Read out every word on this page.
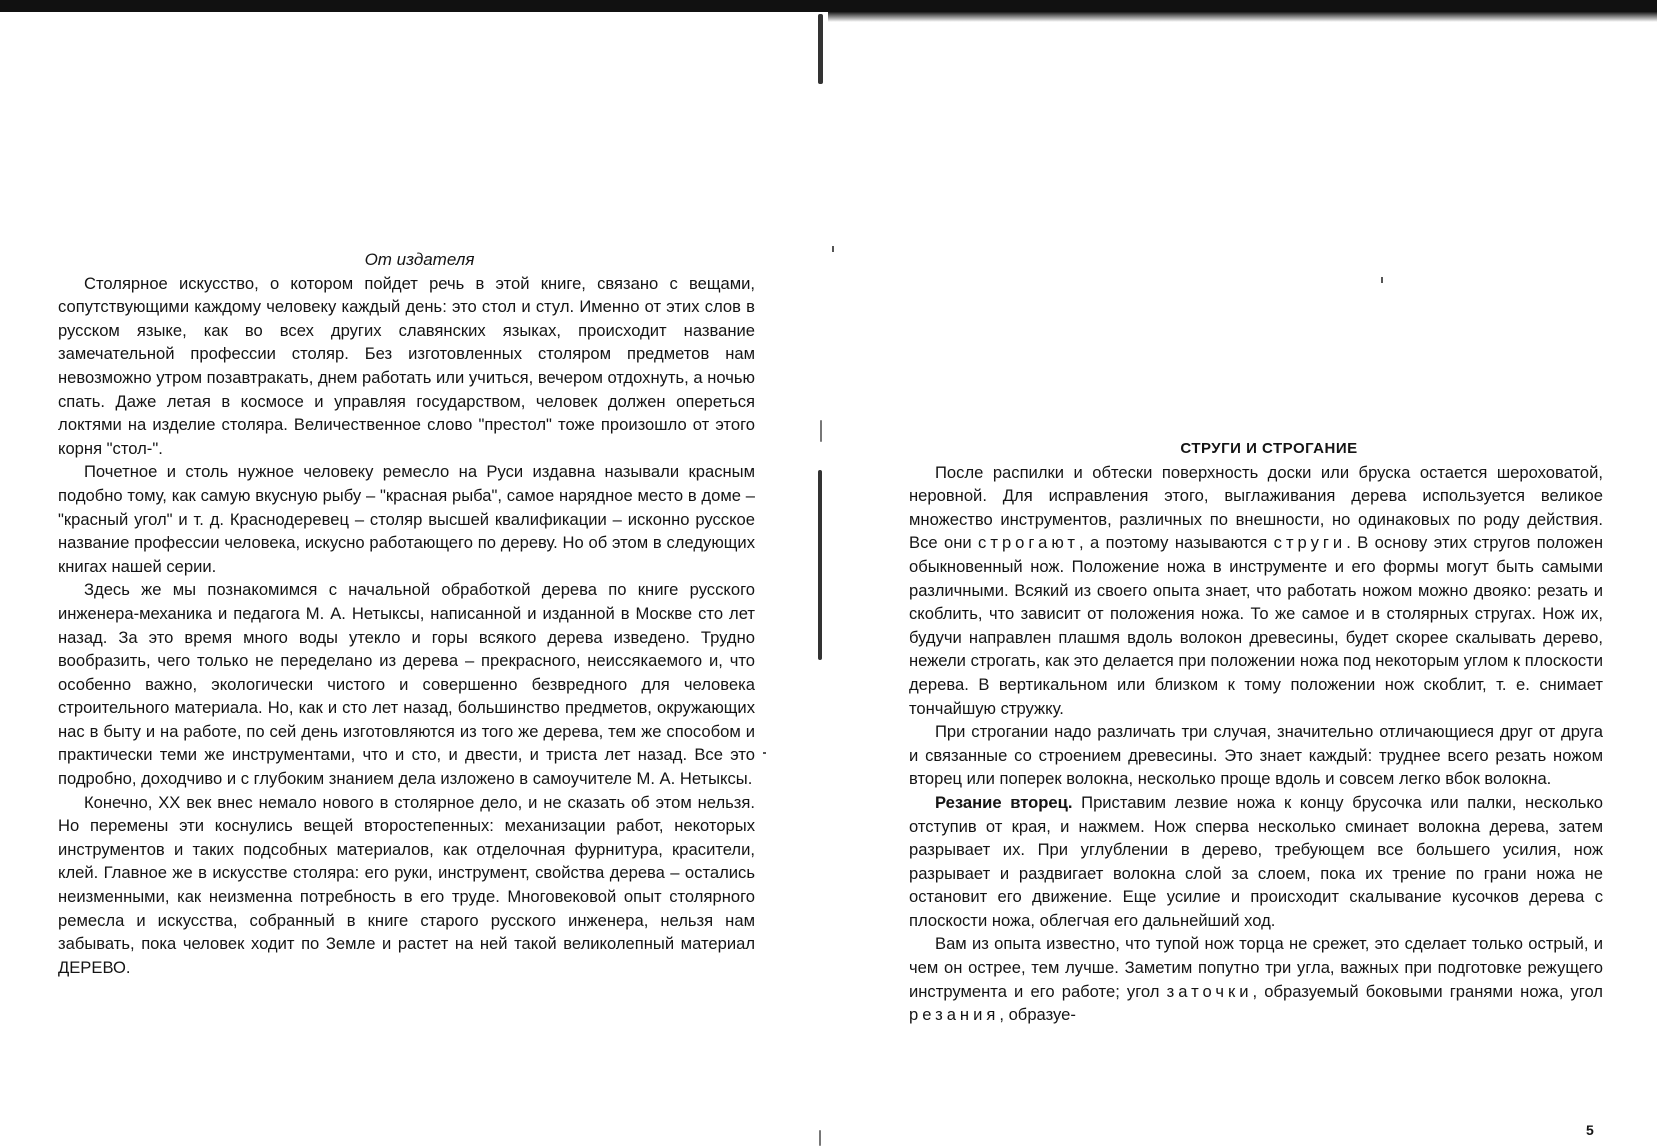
От издателя

Столярное искусство, о котором пойдет речь в этой книге, связано с вещами, сопутствующими каждому человеку каждый день: это стол и стул. Именно от этих слов в русском языке, как во всех других славянских языках, происходит название замечательной профессии столяр. Без изготовленных столяром предметов нам невозможно утром позавтракать, днем работать или учиться, вечером отдохнуть, а ночью спать. Даже летая в космосе и управляя государством, человек должен опереться локтями на изделие столяра. Величественное слово "престол" тоже произошло от этого корня "стол-".

Почетное и столь нужное человеку ремесло на Руси издавна называли красным подобно тому, как самую вкусную рыбу – "красная рыба", самое нарядное место в доме – "красный угол" и т. д. Краснодеревец – столяр высшей квалификации – исконно русское название профессии человека, искусно работающего по дереву. Но об этом в следующих книгах нашей серии.

Здесь же мы познакомимся с начальной обработкой дерева по книге русского инженера-механика и педагога М. А. Нетыксы, написанной и изданной в Москве сто лет назад. За это время много воды утекло и горы всякого дерева изведено. Трудно вообразить, чего только не переделано из дерева – прекрасного, неиссякаемого и, что особенно важно, экологически чистого и совершенно безвредного для человека строительного материала. Но, как и сто лет назад, большинство предметов, окружающих нас в быту и на работе, по сей день изготовляются из того же дерева, тем же способом и практически теми же инструментами, что и сто, и двести, и триста лет назад. Все это подробно, доходчиво и с глубоким знанием дела изложено в самоучителе М. А. Нетыксы.

Конечно, XX век внес немало нового в столярное дело, и не сказать об этом нельзя. Но перемены эти коснулись вещей второстепенных: механизации работ, некоторых инструментов и таких подсобных материалов, как отделочная фурнитура, красители, клей. Главное же в искусстве столяра: его руки, инструмент, свойства дерева – остались неизменными, как неизменна потребность в его труде. Многовековой опыт столярного ремесла и искусства, собранный в книге старого русского инженера, нельзя нам забывать, пока человек ходит по Земле и растет на ней такой великолепный материал ДЕРЕВО.

СТРУГИ И СТРОГАНИЕ

После распилки и обтески поверхность доски или бруска остается шероховатой, неровной. Для исправления этого, выглаживания дерева используется великое множество инструментов, различных по внешности, но одинаковых по роду действия. Все они строгают, а поэтому называются струги. В основу этих стругов положен обыкновенный нож. Положение ножа в инструменте и его формы могут быть самыми различными. Всякий из своего опыта знает, что работать ножом можно двояко: резать и скоблить, что зависит от положения ножа. То же самое и в столярных стругах. Нож их, будучи направлен плашмя вдоль волокон древесины, будет скорее скалывать дерево, нежели строгать, как это делается при положении ножа под некоторым углом к плоскости дерева. В вертикальном или близком к тому положении нож скоблит, т. е. снимает тончайшую стружку.

При строгании надо различать три случая, значительно отличающиеся друг от друга и связанные со строением древесины. Это знает каждый: труднее всего резать ножом вторец или поперек волокна, несколько проще вдоль и совсем легко вбок волокна.

Резание вторец. Приставим лезвие ножа к концу брусочка или палки, несколько отступив от края, и нажмем. Нож сперва несколько сминает волокна дерева, затем разрывает их. При углублении в дерево, требующем все большего усилия, нож разрывает и раздвигает волокна слой за слоем, пока их трение по грани ножа не остановит его движение. Еще усилие и происходит скалывание кусочков дерева с плоскости ножа, облегчая его дальнейший ход.

Вам из опыта известно, что тупой нож торца не срежет, это сделает только острый, и чем он острее, тем лучше. Заметим попутно три угла, важных при подготовке режущего инструмента и его работе; угол заточки, образуемый боковыми гранями ножа, угол резания, образуе-

5
